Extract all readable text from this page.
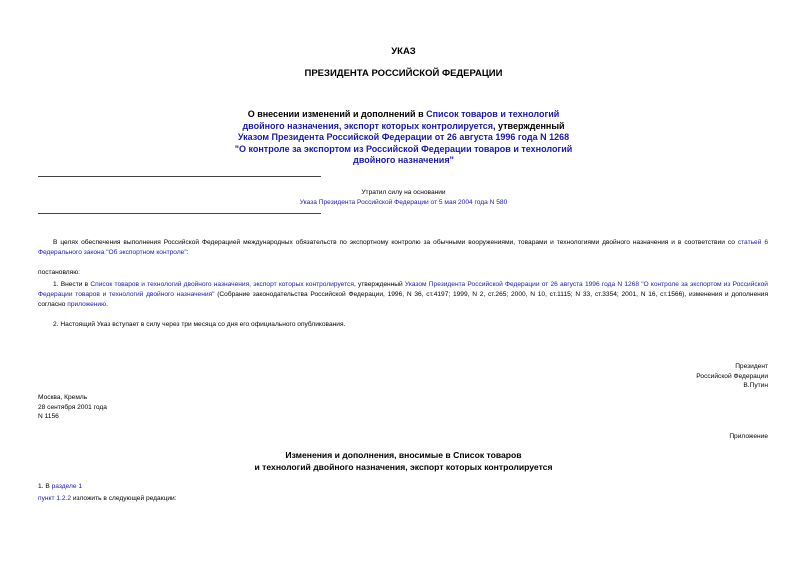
УКАЗ
ПРЕЗИДЕНТА РОССИЙСКОЙ ФЕДЕРАЦИИ
О внесении изменений и дополнений в Список товаров и технологий
двойного назначения, экспорт которых контролируется, утвержденный
Указом Президента Российской Федерации от 26 августа 1996 года N 1268
"О контроле за экспортом из Российской Федерации товаров и технологий
двойного назначения"
Утратил силу на основании
Указа Президента Российской Федерации от 5 мая 2004 года N 580
В целях обеспечения выполнения Российской Федерацией международных обязательств по экспортному контролю за обычными вооружениями, товарами и технологиями двойного назначения и в соответствии со статьей 6 Федерального закона "Об экспортном контроле":
постановляю:
1. Внести в Список товаров и технологий двойного назначения, экспорт которых контролируется, утвержденный Указом Президента Российской Федерации от 26 августа 1996 года N 1268 "О контроле за экспортом из Российской Федерации товаров и технологий двойного назначения" (Собрание законодательства Российской Федерации, 1996, N 36, ст.4197; 1999, N 2, ст.265; 2000, N 10, ст.1115; N 33, ст.3354; 2001, N 16, ст.1566), изменения и дополнения согласно приложению.
2. Настоящий Указ вступает в силу через три месяца со дня его официального опубликования.
Президент
Российской Федерации
В.Путин
Москва, Кремль
28 сентября 2001 года
N 1156
Приложение
Изменения и дополнения, вносимые в Список товаров
и технологий двойного назначения, экспорт которых контролируется
1. В разделе 1
пункт 1.2.2 изложить в следующей редакции:
